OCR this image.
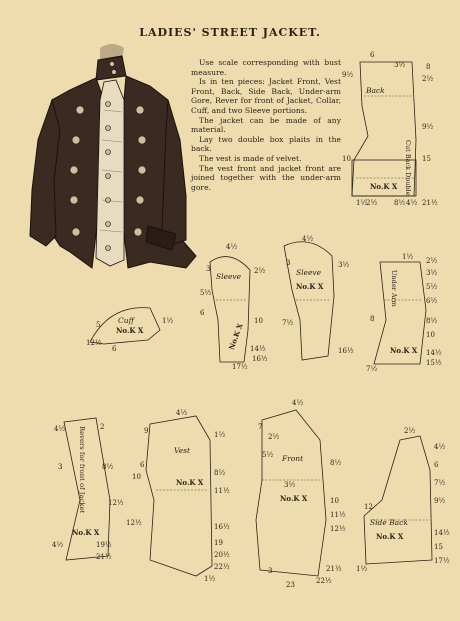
LADIES' STREET JACKET.

Use scale corresponding with bust measure.

Is in ten pieces: Jacket Front, Vest Front, Back, Side Back, Under-arm Gore, Rever for front of Jacket, Collar, Cuff, and two Sleeve portions.

The jacket can be made of any material.

Lay two double box plaits in the back.

The vest is made of velvet.

The vest front and jacket front are joined together with the under-arm gore.

Back
No.K X Cut Back Double
Sleeve
No.K X
Sleeve
No.K X	Under Arm
No.K X
Cuff
No.K X
Revers for front of Jacket
No.K X
Vest
No.K X
Front
No.K X
Side Back
No.K X
6
9½
3½	8
2½
9½
10	15
21½
1½
2½ 8½ 4½
4½
5½
3	2½
6
10
14½
16½
17½
3
4½
7½
3½
16½
1½ 2½
3½
5½
6½
8½
10
14½
15½
8
7½
1½
5
12½
6
4½	2
3	8½
12½
4½	19½
21½
4½
9	1½
6
10
12½
8½
11½
16½
19
20½
22½
1½
4½
7
2½
5½
3½
8½
10
11½
12½
21½
22½
23
3
2½
4½
6
7½
9½
12
14½
15
17½
1½
